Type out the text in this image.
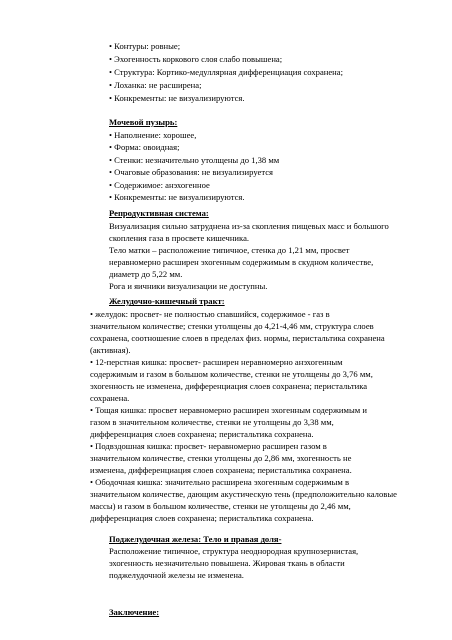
• Контуры: ровные;
• Эхогенность коркового слоя слабо повышена;
• Структура: Кортико-медуллярная дифференциация сохранена;
• Лоханка: не расширена;
• Конкременты: не визуализируются.
Мочевой пузырь:
• Наполнение: хорошее,
• Форма: овоидная;
• Стенки: незначительно утолщены до 1,38 мм
• Очаговые образования: не визуализируется
• Содержимое: анэхогенное
• Конкременты: не визуализируются.
Репродуктивная система:
Визуализация сильно затруднена из-за скопления пищевых масс и большого
скопления газа в просвете кишечника.
Тело матки – расположение типичное, стенка до 1,21 мм, просвет
неравномерно расширен эхогенным содержимым в скудном количестве,
диаметр до 5,22 мм.
Рога и яичники визуализации не доступны.
Желудочно-кишечный тракт:
• желудок: просвет- не полностью спавшийся, содержимое - газ в
значительном количестве; стенки утолщены до 4,21-4,46 мм, структура слоев
сохранена, соотношение слоев в пределах физ. нормы, перистальтика сохранена
(активная).
• 12-перстная кишка: просвет- расширен неравномерно анэхогенным
содержимым и газом в большом количестве, стенки не утолщены до 3,76 мм,
эхогенность не изменена, дифференциация слоев сохранена; перистальтика
сохранена.
• Тощая кишка: просвет неравномерно расширен эхогенным содержимым и
газом в значительном количестве, стенки не утолщены до 3,38 мм,
дифференциация слоев сохранена; перистальтика сохранена.
• Подвздошная кишка: просвет- неравномерно расширен газом в
значительном количестве, стенки утолщены до 2,86 мм, эхогенность не
изменена, дифференциация слоев сохранена; перистальтика сохранена.
• Ободочная кишка: значительно расширена эхогенным содержимым в
значительном количестве, дающим акустическую тень (предположительно каловые
массы) и газом в большом количестве, стенки не утолщены до 2,46 мм,
дифференциация слоев сохранена; перистальтика сохранена.
Поджелудочная железа: Тело и правая доля-
Расположение типичное, структура неоднородная крупнозернистая,
эхогенность незначительно повышена. Жировая ткань в области
поджелудочной железы не изменена.
Заключение:
